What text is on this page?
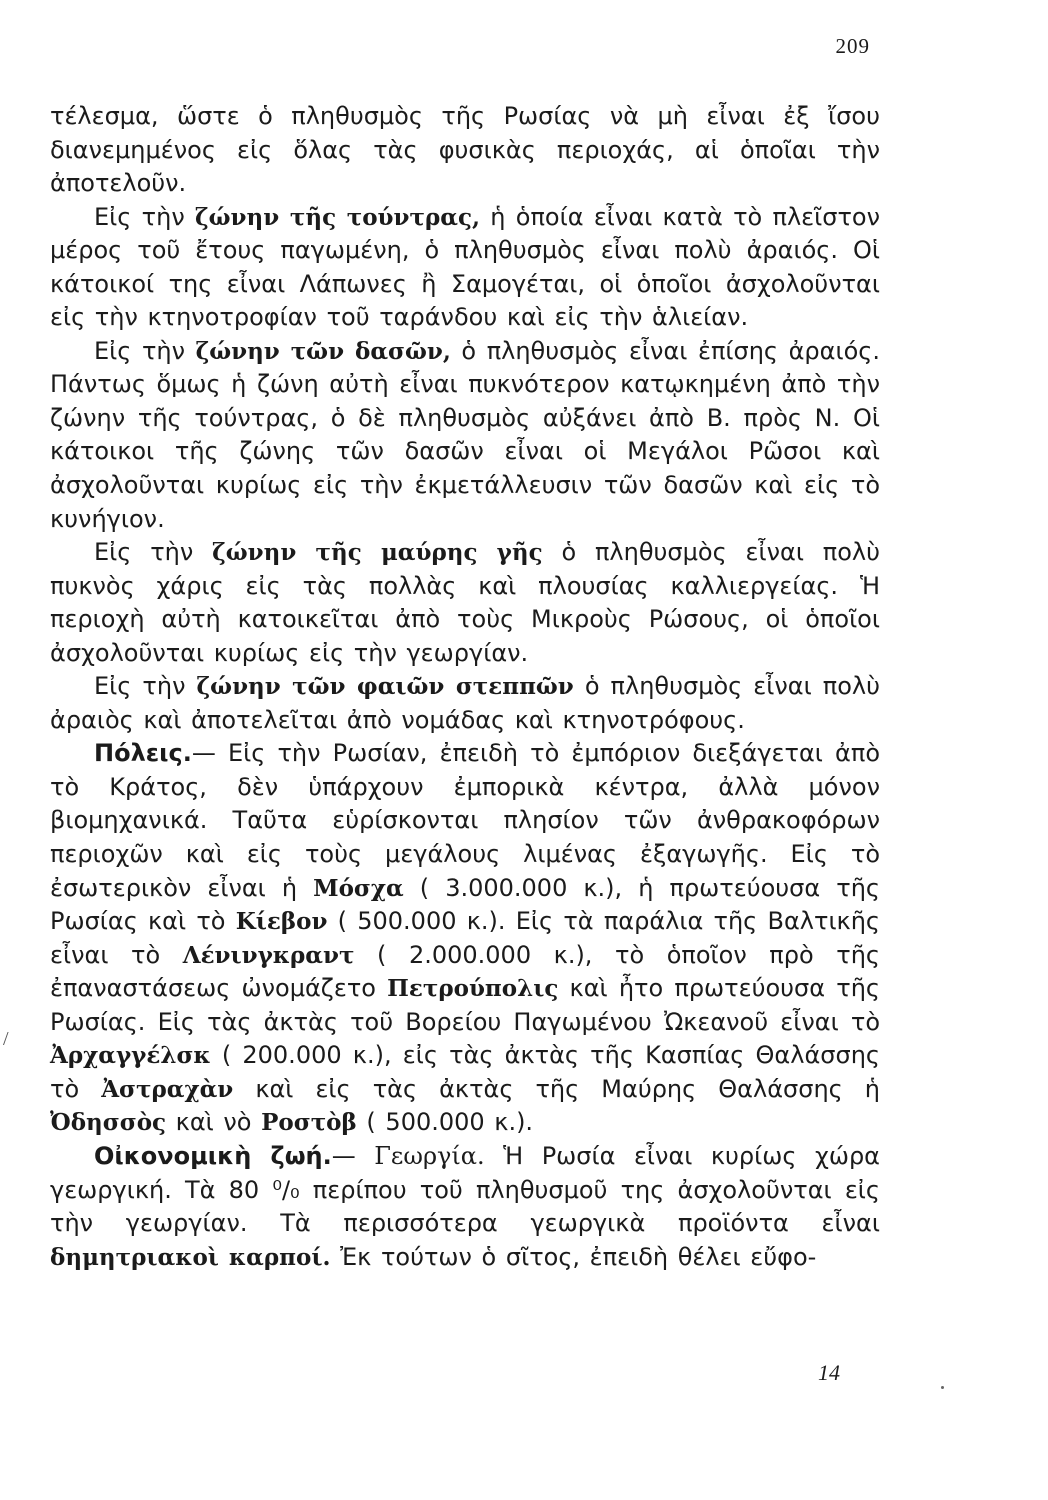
209
/

τέλεσμα, ὥστε ὁ πληθυσμὸς τῆς Ρωσίας νὰ μὴ εἶναι ἐξ ἴσου διανεμημένος εἰς ὅλας τὰς φυσικὰς περιοχάς, αἱ ὁποῖαι τὴν ἀποτελοῦν.

Εἰς τὴν ζώνην τῆς τούντρας, ἡ ὁποία εἶναι κατὰ τὸ πλεῖστον μέρος τοῦ ἔτους παγωμένη, ὁ πληθυσμὸς εἶναι πολὺ ἀραιός. Οἱ κάτοικοί της εἶναι Λάπωνες ἢ Σαμογέται, οἱ ὁποῖοι ἀσχολοῦνται εἰς τὴν κτηνοτροφίαν τοῦ ταράνδου καὶ εἰς τὴν ἁλιείαν.

Εἰς τὴν ζώνην τῶν δασῶν, ὁ πληθυσμὸς εἶναι ἐπίσης ἀραιός. Πάντως ὅμως ἡ ζώνη αὐτὴ εἶναι πυκνότερον κατῳκημένη ἀπὸ τὴν ζώνην τῆς τούντρας, ὁ δὲ πληθυσμὸς αὐξάνει ἀπὸ Β. πρὸς Ν. Οἱ κάτοικοι τῆς ζώνης τῶν δασῶν εἶναι οἱ Μεγάλοι Ρῶσοι καὶ ἀσχολοῦνται κυρίως εἰς τὴν ἐκμετάλλευσιν τῶν δασῶν καὶ εἰς τὸ κυνήγιον.

Εἰς τὴν ζώνην τῆς μαύρης γῆς ὁ πληθυσμὸς εἶναι πολὺ πυκνὸς χάρις εἰς τὰς πολλὰς καὶ πλουσίας καλλιεργείας. Ἡ περιοχὴ αὐτὴ κατοικεῖται ἀπὸ τοὺς Μικροὺς Ρώσους, οἱ ὁποῖοι ἀσχολοῦνται κυρίως εἰς τὴν γεωργίαν.

Εἰς τὴν ζώνην τῶν φαιῶν στεππῶν ὁ πληθυσμὸς εἶναι πολὺ ἀραιὸς καὶ ἀποτελεῖται ἀπὸ νομάδας καὶ κτηνοτρόφους.

Πόλεις.— Εἰς τὴν Ρωσίαν, ἐπειδὴ τὸ ἐμπόριον διεξάγεται ἀπὸ τὸ Κράτος, δὲν ὑπάρχουν ἐμπορικὰ κέντρα, ἀλλὰ μόνον βιομηχανικά. Ταῦτα εὑρίσκονται πλησίον τῶν ἀνθρακοφόρων περιοχῶν καὶ εἰς τοὺς μεγάλους λιμένας ἐξαγωγῆς. Εἰς τὸ ἐσωτερικὸν εἶναι ἡ Μόσχα ( 3.000.000 κ.), ἡ πρωτεύουσα τῆς Ρωσίας καὶ τὸ Κίεβον ( 500.000 κ.). Εἰς τὰ παράλια τῆς Βαλτικῆς εἶναι τὸ Λένινγκραντ ( 2.000.000 κ.), τὸ ὁποῖον πρὸ τῆς ἐπαναστάσεως ὠνομάζετο Πετρούπολις καὶ ἦτο πρωτεύουσα τῆς Ρωσίας. Εἰς τὰς ἀκτὰς τοῦ Βορείου Παγωμένου Ὠκεανοῦ εἶναι τὸ Ἀρχαγγέλσκ ( 200.000 κ.), εἰς τὰς ἀκτὰς τῆς Κασπίας Θαλάσσης τὸ Ἀστραχὰν καὶ εἰς τὰς ἀκτὰς τῆς Μαύρης Θαλάσσης ἡ Ὀδησσὸς καὶ νὸ Ροστὸβ ( 500.000 κ.).

Οἰκονομικὴ ζωή.— Γεωργία. Ἡ Ρωσία εἶναι κυρίως χώρα γεωργική. Τὰ 80 ⁰/₀ περίπου τοῦ πληθυσμοῦ της ἀσχολοῦνται εἰς τὴν γεωργίαν. Τὰ περισσότερα γεωργικὰ προϊόντα εἶναι δημητριακοὶ καρποί. Ἐκ τούτων ὁ σῖτος, ἐπειδὴ θέλει εὔφο-

14
